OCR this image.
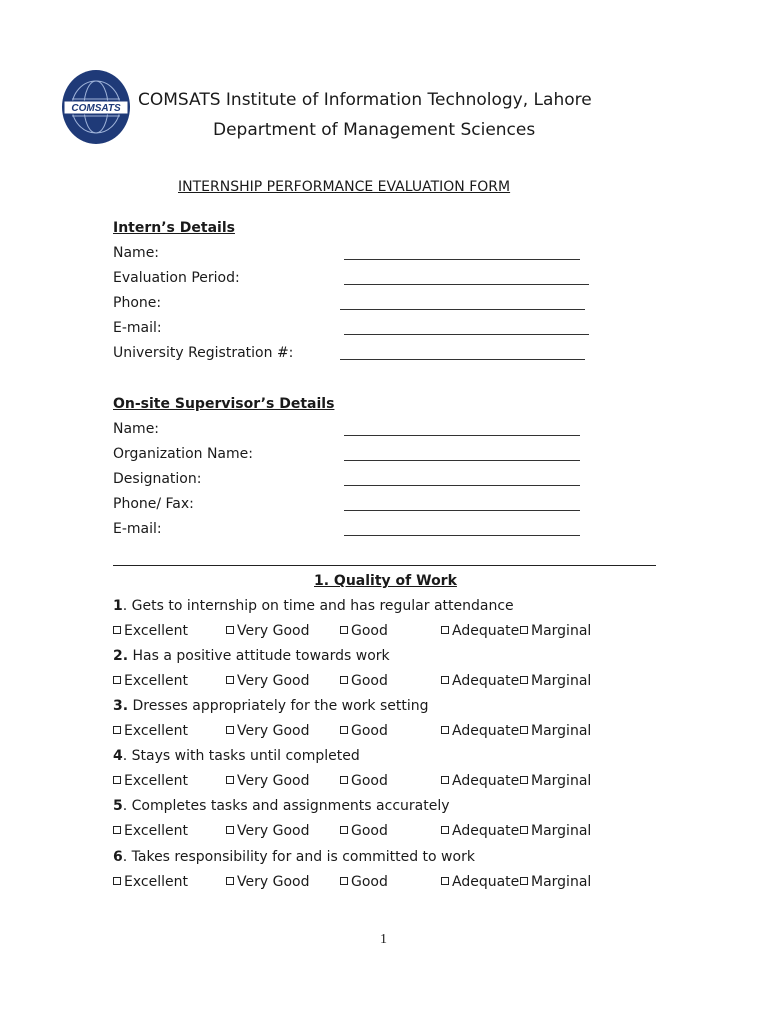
COMSATS COMSATS Institute of Information Technology, Lahore
Department of Management Sciences
INTERNSHIP PERFORMANCE EVALUATION FORM
Intern’s Details
Name:
Evaluation Period:
Phone:
E-mail:
University Registration #:
On-site Supervisor’s Details
Name:
Organization Name:
Designation:
Phone/ Fax:
E-mail:
1. Quality of Work
1. Gets to internship on time and has regular attendance
Excellent	Very Good	Good	Adequate Marginal
2. Has a positive attitude towards work
Excellent	Very Good	Good	Adequate Marginal
3. Dresses appropriately for the work setting
Excellent	Very Good	Good	Adequate Marginal
4. Stays with tasks until completed
Excellent	Very Good	Good	Adequate Marginal
5. Completes tasks and assignments accurately
Excellent	Very Good	Good	Adequate Marginal
6. Takes responsibility for and is committed to work
Excellent	Very Good	Good	Adequate Marginal
1
